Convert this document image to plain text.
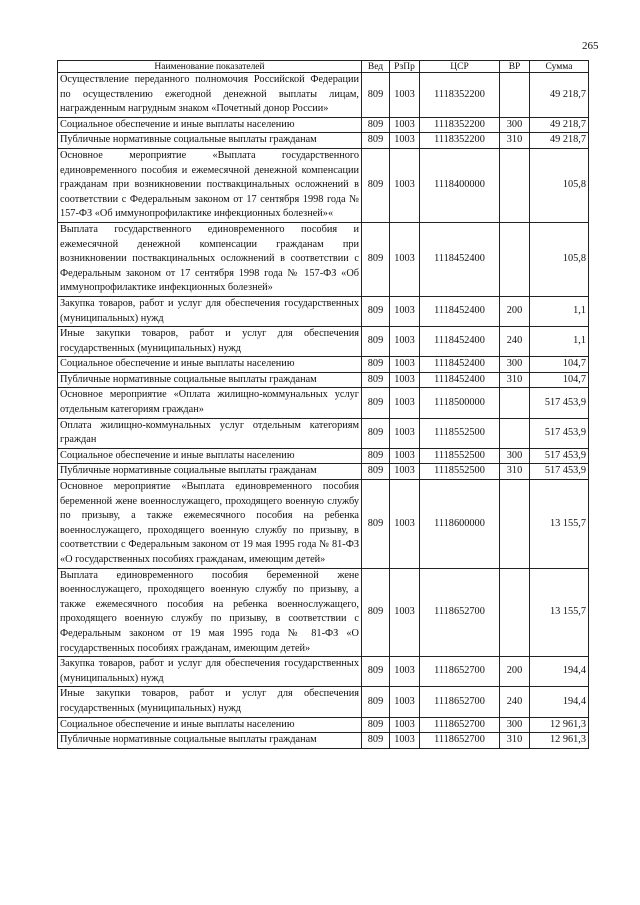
265
Наименование показателей	Вед	РзПр	ЦСР	ВР	Сумма
Осуществление переданного полномочия Российской Федерации по осуществлению ежегодной денежной выплаты лицам, награжденным нагрудным знаком «Почетный донор России»	809	1003	1118352200		49 218,7
Социальное обеспечение и иные выплаты населению	809	1003	1118352200	300	49 218,7
Публичные нормативные социальные выплаты гражданам	809	1003	1118352200	310	49 218,7
Основное мероприятие «Выплата государственного единовременного пособия и ежемесячной денежной компенсации гражданам при возникновении поствакцинальных осложнений в соответствии с Федеральным законом от 17 сентября 1998 года № 157-ФЗ «Об иммунопрофилактике инфекционных болезней»«	809	1003	1118400000		105,8
Выплата государственного единовременного пособия и ежемесячной денежной компенсации гражданам при возникновении поствакцинальных осложнений в соответствии с Федеральным законом от 17 сентября 1998 года № 157-ФЗ «Об иммунопрофилактике инфекционных болезней»	809	1003	1118452400		105,8
Закупка товаров, работ и услуг для обеспечения государственных (муниципальных) нужд	809	1003	1118452400	200	1,1
Иные закупки товаров, работ и услуг для обеспечения государственных (муниципальных) нужд	809	1003	1118452400	240	1,1
Социальное обеспечение и иные выплаты населению	809	1003	1118452400	300	104,7
Публичные нормативные социальные выплаты гражданам	809	1003	1118452400	310	104,7
Основное мероприятие «Оплата жилищно-коммунальных услуг отдельным категориям граждан»	809	1003	1118500000		517 453,9
Оплата жилищно-коммунальных услуг отдельным категориям граждан	809	1003	1118552500		517 453,9
Социальное обеспечение и иные выплаты населению	809	1003	1118552500	300	517 453,9
Публичные нормативные социальные выплаты гражданам	809	1003	1118552500	310	517 453,9
Основное мероприятие «Выплата единовременного пособия беременной жене военнослужащего, проходящего военную службу по призыву, а также ежемесячного пособия на ребенка военнослужащего, проходящего военную службу по призыву, в соответствии с Федеральным законом от 19 мая 1995 года № 81-ФЗ «О государственных пособиях гражданам, имеющим детей»	809	1003	1118600000		13 155,7
Выплата единовременного пособия беременной жене военнослужащего, проходящего военную службу по призыву, а также ежемесячного пособия на ребенка военнослужащего, проходящего военную службу по призыву, в соответствии с Федеральным законом от 19 мая 1995 года № 81-ФЗ «О государственных пособиях гражданам, имеющим детей»	809	1003	1118652700		13 155,7
Закупка товаров, работ и услуг для обеспечения государственных (муниципальных) нужд	809	1003	1118652700	200	194,4
Иные закупки товаров, работ и услуг для обеспечения государственных (муниципальных) нужд	809	1003	1118652700	240	194,4
Социальное обеспечение и иные выплаты населению	809	1003	1118652700	300	12 961,3
Публичные нормативные социальные выплаты гражданам	809	1003	1118652700	310	12 961,3
